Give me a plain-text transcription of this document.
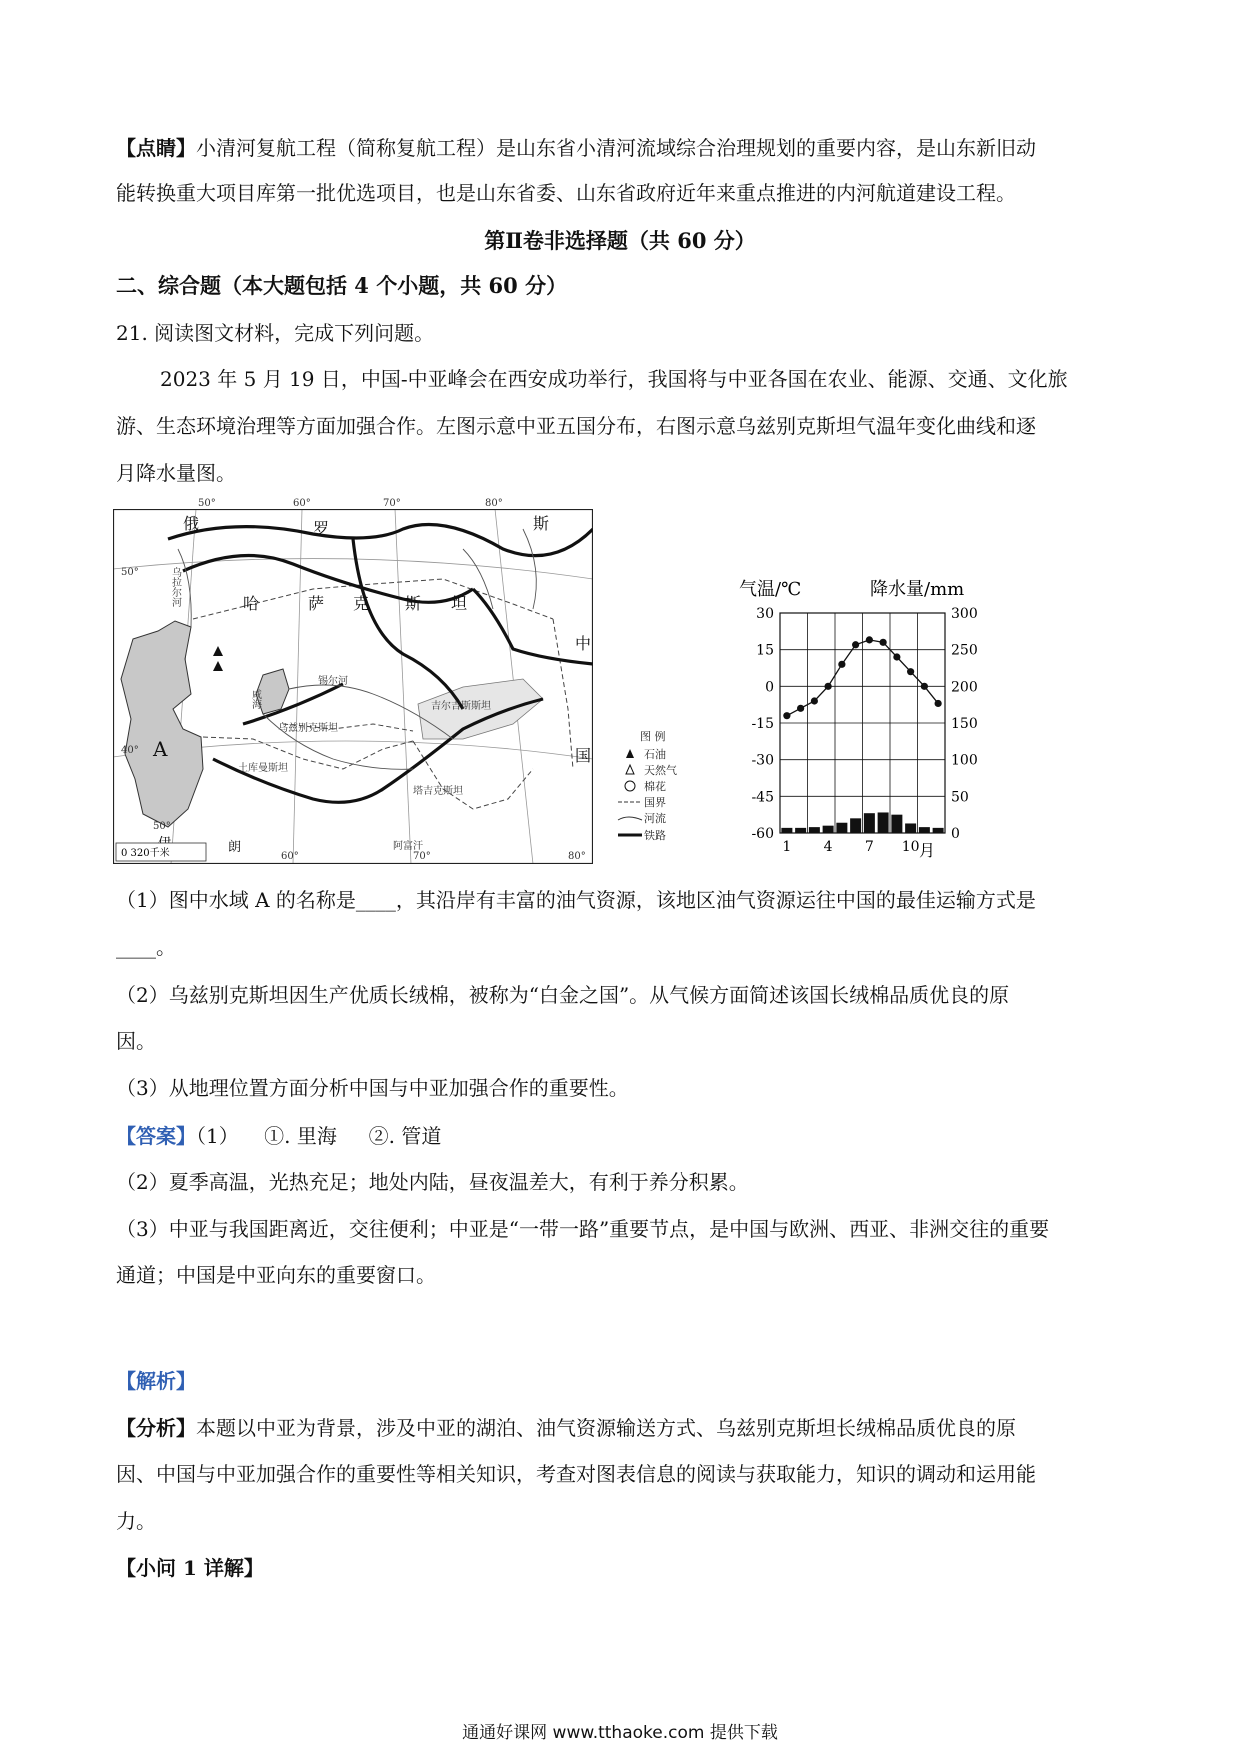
【点睛】小清河复航工程（简称复航工程）是山东省小清河流域综合治理规划的重要内容，是山东新旧动
能转换重大项目库第一批优选项目，也是山东省委、山东省政府近年来重点推进的内河航道建设工程。
第Ⅱ卷非选择题（共 60 分）
二、综合题（本大题包括 4 个小题，共 60 分）
21. 阅读图文材料，完成下列问题。
2023 年 5 月 19 日，中国-中亚峰会在西安成功举行，我国将与中亚各国在农业、能源、交通、文化旅
游、生态环境治理等方面加强合作。左图示意中亚五国分布，右图示意乌兹别克斯坦气温年变化曲线和逐
月降水量图。
俄	罗	斯
哈	萨 克 斯 坦
中
国
A
朗
乌拉尔河
咸海
锡尔河
吉尔吉斯斯坦
乌兹别克斯坦
土库曼斯坦
塔吉克斯坦
阿富汗
50°
40°
50°
60°	70°	80°
0 320千米
50°	60°	70°	80°
图 例
石油
天然气
棉花
国界
河流
铁路
气温/℃	降水量/mm
30
15
0
-15
-30
-45
-60
300
250
200
150
100
50
0
1 4 7 10 月
（1）图中水域 A 的名称是____，其沿岸有丰富的油气资源，该地区油气资源运往中国的最佳运输方式是
____。
（2）乌兹别克斯坦因生产优质长绒棉，被称为“白金之国”。从气候方面简述该国长绒棉品质优良的原
因。
（3）从地理位置方面分析中国与中亚加强合作的重要性。
【答案】（1）    ①. 里海     ②. 管道
（2）夏季高温，光热充足；地处内陆，昼夜温差大，有利于养分积累。
（3）中亚与我国距离近，交往便利；中亚是“一带一路”重要节点，是中国与欧洲、西亚、非洲交往的重要
通道；中国是中亚向东的重要窗口。
【解析】
【分析】本题以中亚为背景，涉及中亚的湖泊、油气资源输送方式、乌兹别克斯坦长绒棉品质优良的原
因、中国与中亚加强合作的重要性等相关知识，考查对图表信息的阅读与获取能力，知识的调动和运用能
力。
【小问 1 详解】
通通好课网 www.tthaoke.com 提供下载
